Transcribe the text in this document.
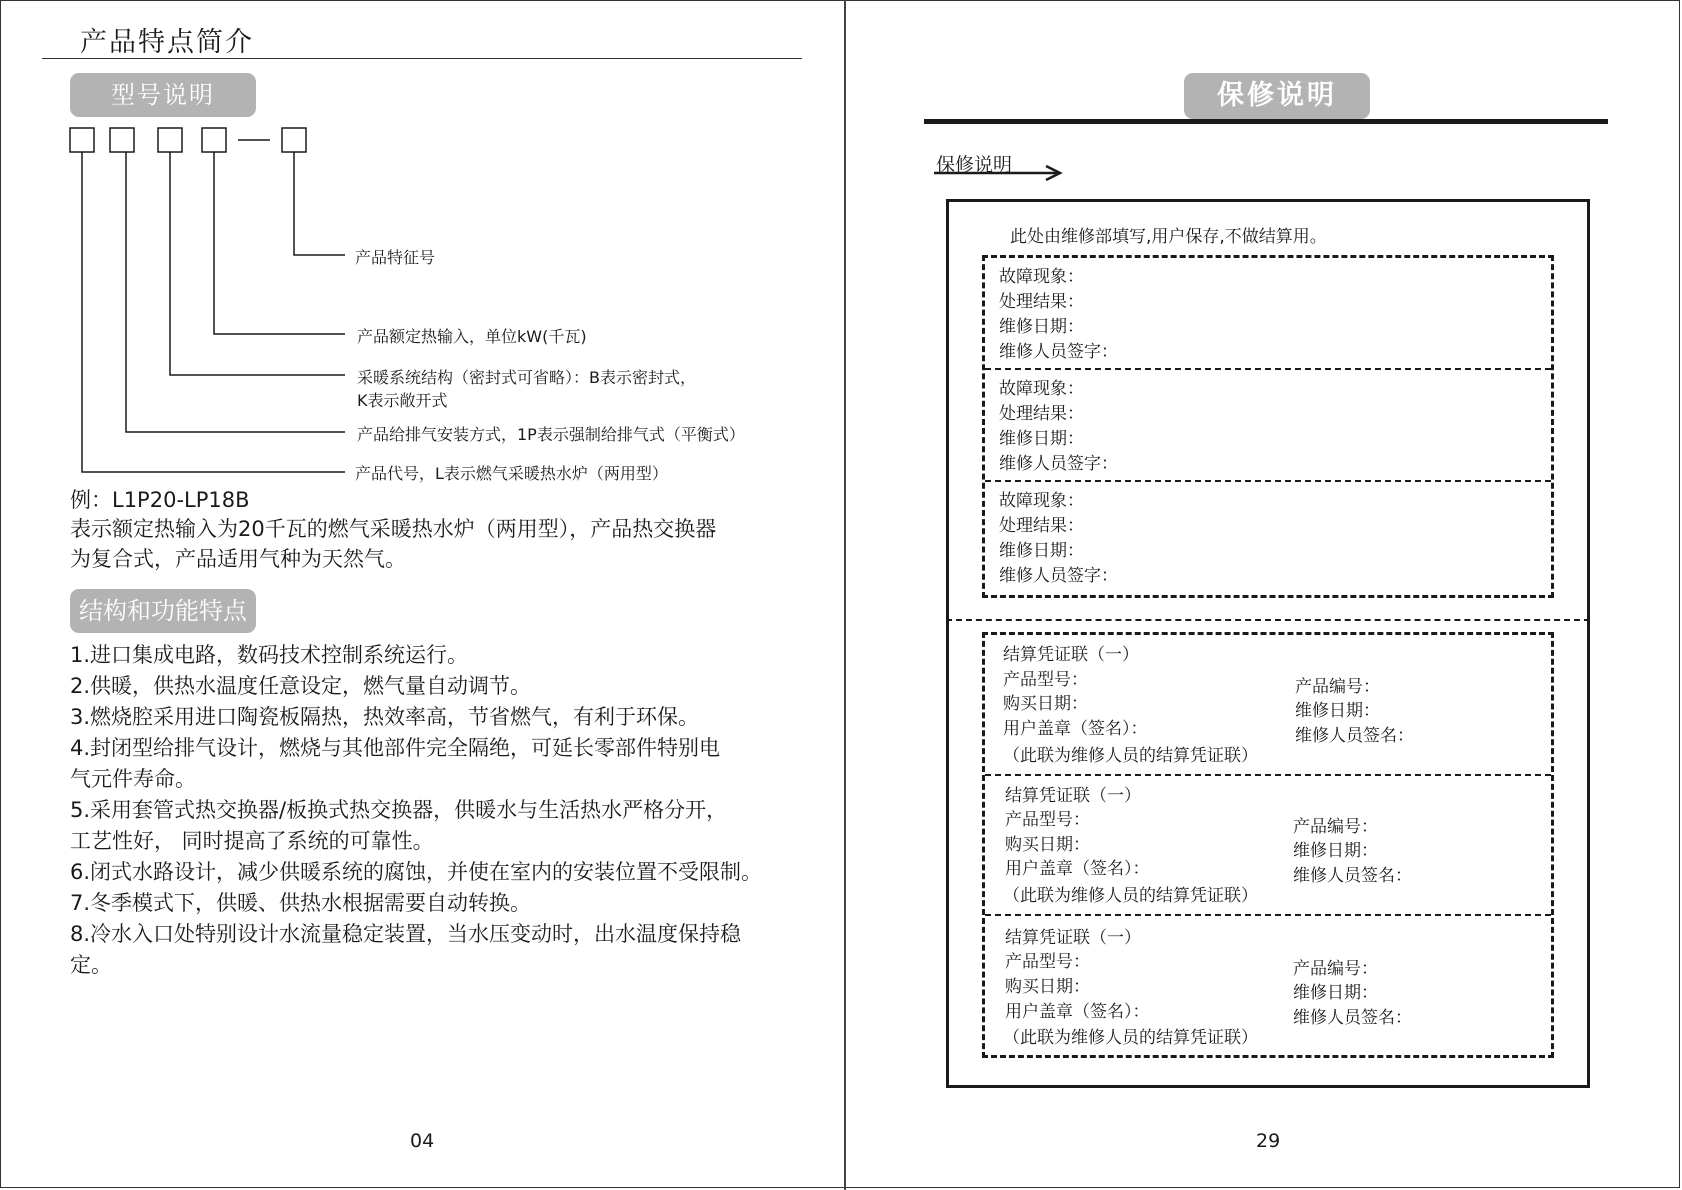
产品特点简介
型号说明
产品特征号
产品额定热输入，单位kW(千瓦)
采暖系统结构（密封式可省略）：B表示密封式，
K表示敞开式
产品给排气安装方式，1P表示强制给排气式（平衡式）
产品代号，L表示燃气采暖热水炉（两用型）
例：L1P20-LP18B
表示额定热输入为20千瓦的燃气采暖热水炉（两用型），产品热交换器
为复合式，产品适用气种为天然气。
结构和功能特点
1.进口集成电路，数码技术控制系统运行。
2.供暖，供热水温度任意设定，燃气量自动调节。
3.燃烧腔采用进口陶瓷板隔热，热效率高，节省燃气，有利于环保。
4.封闭型给排气设计，燃烧与其他部件完全隔绝，可延长零部件特别电
气元件寿命。
5.采用套管式热交换器/板换式热交换器，供暖水与生活热水严格分开，
工艺性好， 同时提高了系统的可靠性。
6.闭式水路设计，减少供暖系统的腐蚀，并使在室内的安装位置不受限制。
7.冬季模式下，供暖、供热水根据需要自动转换。
8.冷水入口处特别设计水流量稳定装置，当水压变动时，出水温度保持稳
定。
04
保修说明
保修说明
此处由维修部填写,用户保存,不做结算用。
故障现象：
处理结果：
维修日期：
维修人员签字：
故障现象：
处理结果：
维修日期：
维修人员签字：
故障现象：
处理结果：
维修日期：
维修人员签字：
结算凭证联（一）
产品型号：
购买日期：
用户盖章（签名）：
（此联为维修人员的结算凭证联）
产品编号：
维修日期：
维修人员签名：
结算凭证联（一）
产品型号：
购买日期：
用户盖章（签名）：
（此联为维修人员的结算凭证联）
产品编号：
维修日期：
维修人员签名：
结算凭证联（一）
产品型号：
购买日期：
用户盖章（签名）：
（此联为维修人员的结算凭证联）
产品编号：
维修日期：
维修人员签名：
29
